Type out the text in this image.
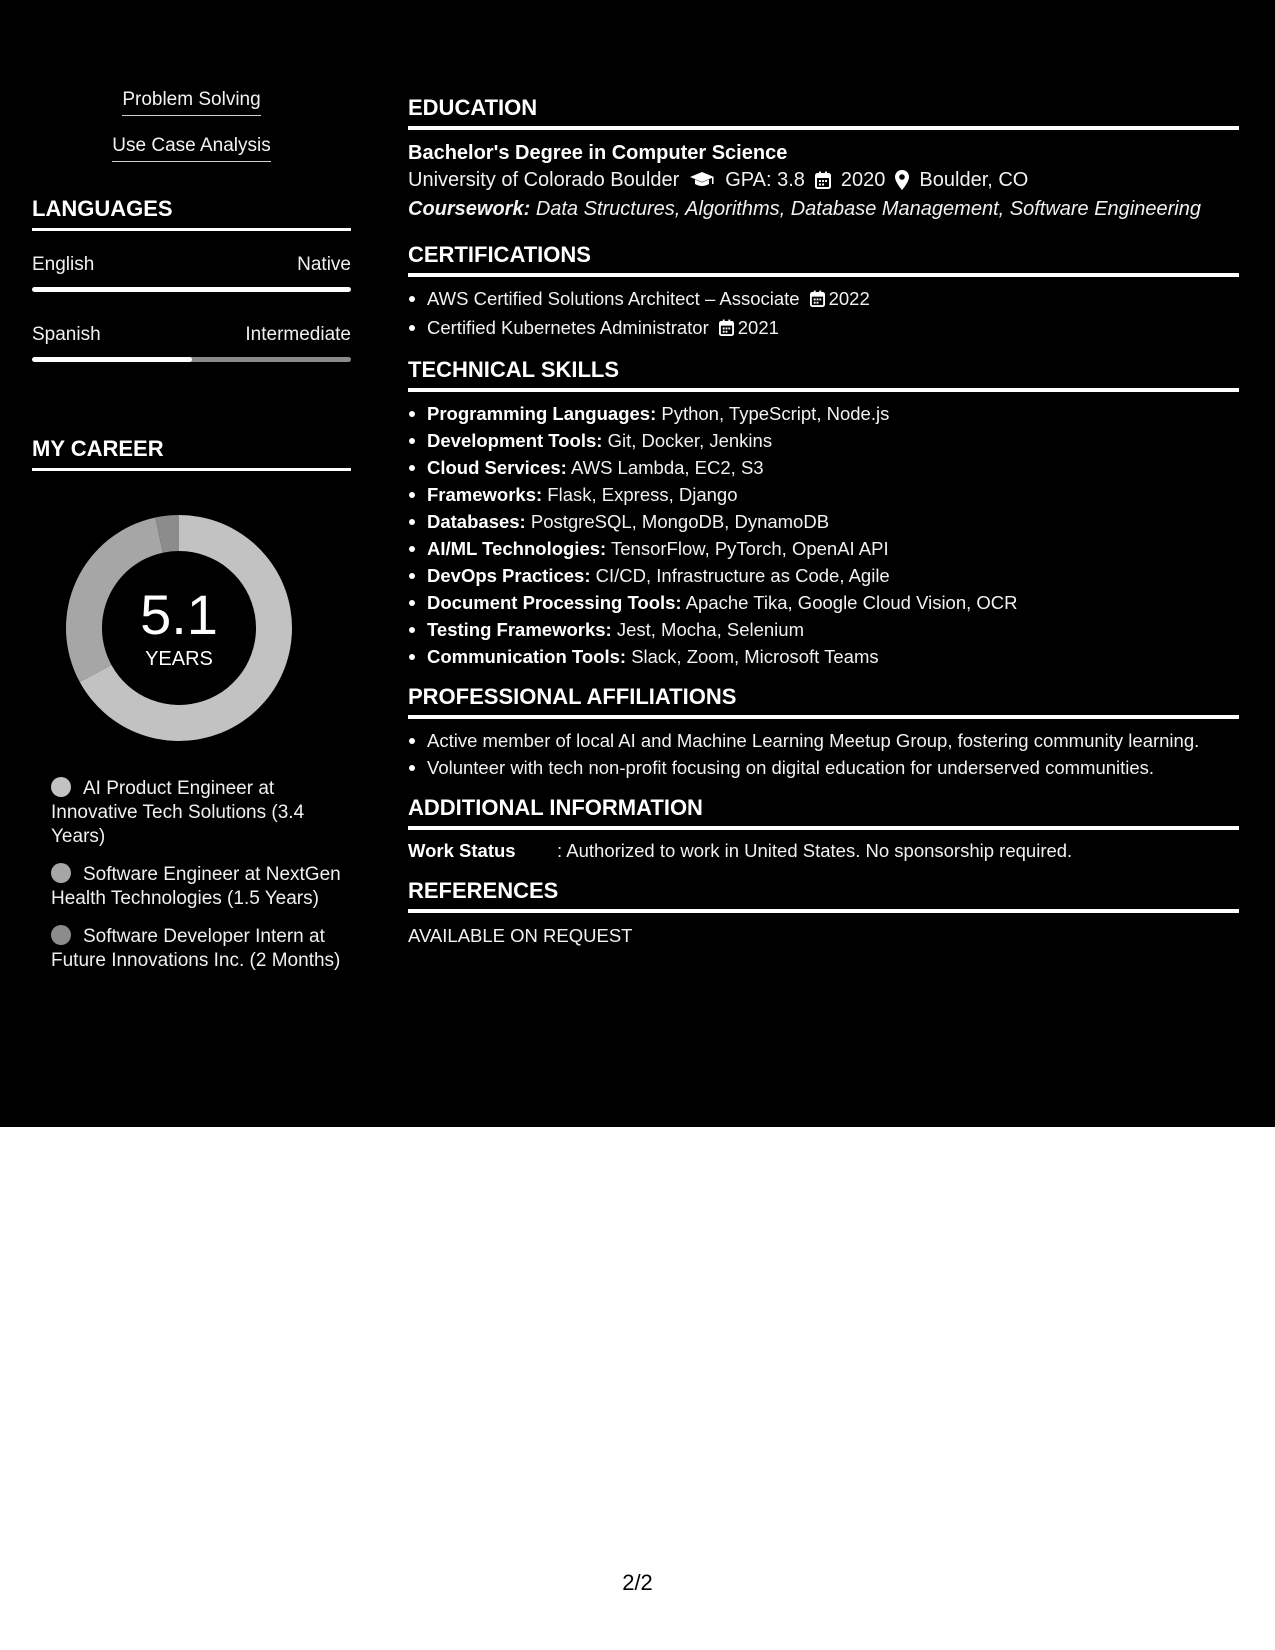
Problem Solving
Use Case Analysis
LANGUAGES
English	Native
Spanish	Intermediate
MY CAREER
5.1
YEARS
AI Product Engineer at Innovative Tech Solutions (3.4 Years)
Software Engineer at NextGen Health Technologies (1.5 Years)
Software Developer Intern at Future Innovations Inc. (2 Months)
EDUCATION
Bachelor's Degree in Computer Science
University of Colorado Boulder GPA: 3.8 2020 Boulder, CO
Coursework: Data Structures, Algorithms, Database Management, Software Engineering
CERTIFICATIONS
AWS Certified Solutions Architect – Associate 2022
Certified Kubernetes Administrator 2021
TECHNICAL SKILLS
Programming Languages: Python, TypeScript, Node.js
Development Tools: Git, Docker, Jenkins
Cloud Services: AWS Lambda, EC2, S3
Frameworks: Flask, Express, Django
Databases: PostgreSQL, MongoDB, DynamoDB
AI/ML Technologies: TensorFlow, PyTorch, OpenAI API
DevOps Practices: CI/CD, Infrastructure as Code, Agile
Document Processing Tools: Apache Tika, Google Cloud Vision, OCR
Testing Frameworks: Jest, Mocha, Selenium
Communication Tools: Slack, Zoom, Microsoft Teams
PROFESSIONAL AFFILIATIONS
Active member of local AI and Machine Learning Meetup Group, fostering community learning.
Volunteer with tech non-profit focusing on digital education for underserved communities.
ADDITIONAL INFORMATION
Work Status	: Authorized to work in United States. No sponsorship required.
REFERENCES
AVAILABLE ON REQUEST
2/2
